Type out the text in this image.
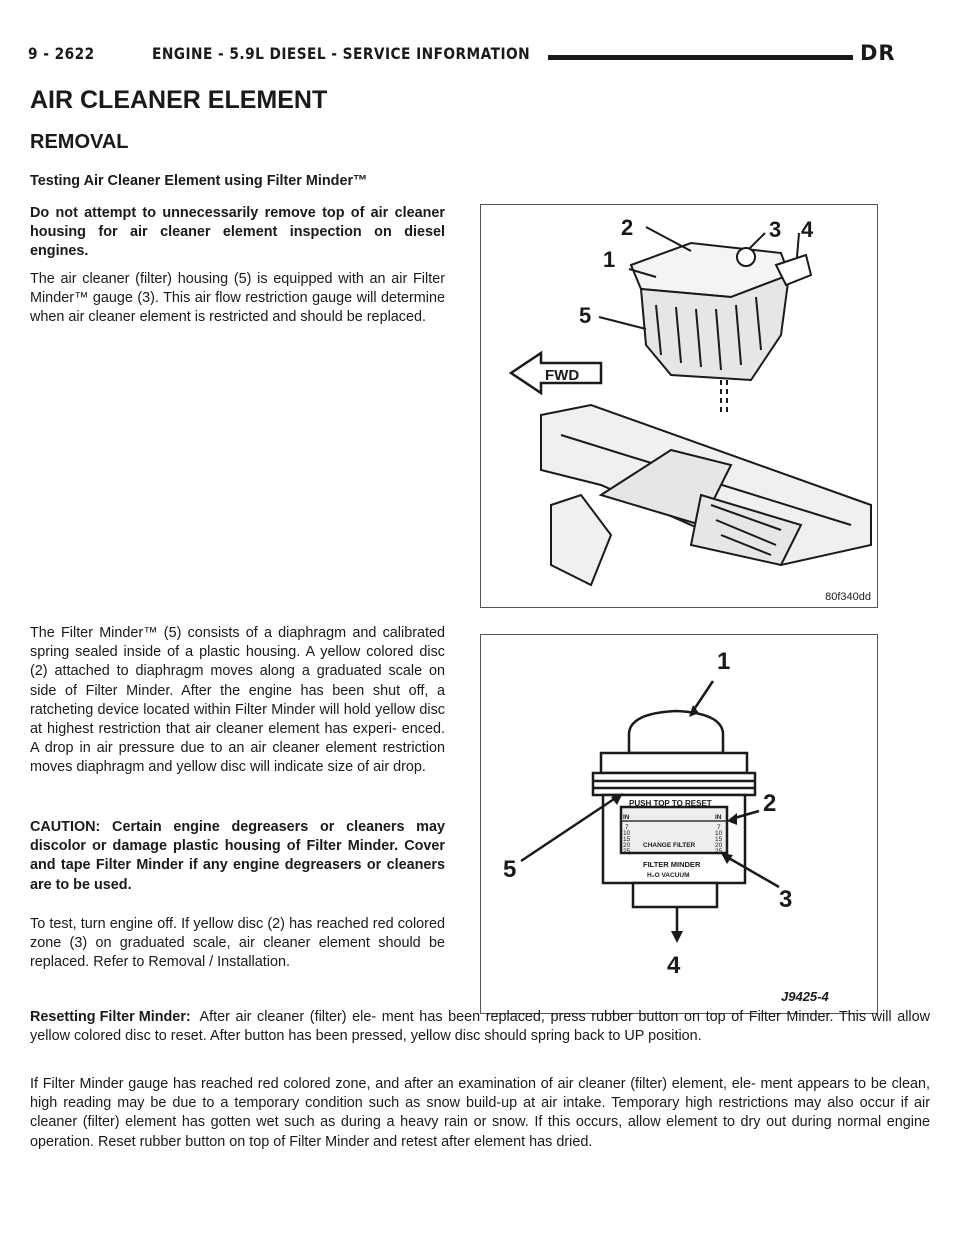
9 - 2622	ENGINE - 5.9L DIESEL - SERVICE INFORMATION	DR
AIR CLEANER ELEMENT
REMOVAL
Testing Air Cleaner Element using Filter Minder™
Do not attempt to unnecessarily remove top of air cleaner housing for air cleaner element inspection on diesel engines.
The air cleaner (filter) housing (5) is equipped with an air Filter Minder™ gauge (3). This air flow restriction gauge will determine when air cleaner element is restricted and should be replaced.
FWD
1
2	3 4
5
80f340dd
The Filter Minder™ (5) consists of a diaphragm and calibrated spring sealed inside of a plastic housing. A yellow colored disc (2) attached to diaphragm moves along a graduated scale on side of Filter Minder. After the engine has been shut off, a ratcheting device located within Filter Minder will hold yellow disc at highest restriction that air cleaner element has experi- enced. A drop in air pressure due to an air cleaner element restriction moves diaphragm and yellow disc will indicate size of air drop.
CAUTION: Certain engine degreasers or cleaners may discolor or damage plastic housing of Filter Minder. Cover and tape Filter Minder if any engine degreasers or cleaners are to be used.
To test, turn engine off. If yellow disc (2) has reached red colored zone (3) on graduated scale, air cleaner element should be replaced. Refer to Removal / Installation.
PUSH TOP TO RESET
IN	IN
CHANGE FILTER
FILTER MINDER
H₂O VACUUM
7
10
15
20
25
7
10
15
20
25
1
2
3
4
5
J9425-4
Resetting Filter Minder: After air cleaner (filter) ele- ment has been replaced, press rubber button on top of Filter Minder. This will allow yellow colored disc to reset. After button has been pressed, yellow disc should spring back to UP position.
If Filter Minder gauge has reached red colored zone, and after an examination of air cleaner (filter) element, ele- ment appears to be clean, high reading may be due to a temporary condition such as snow build-up at air intake. Temporary high restrictions may also occur if air cleaner (filter) element has gotten wet such as during a heavy rain or snow. If this occurs, allow element to dry out during normal engine operation. Reset rubber button on top of Filter Minder and retest after element has dried.
